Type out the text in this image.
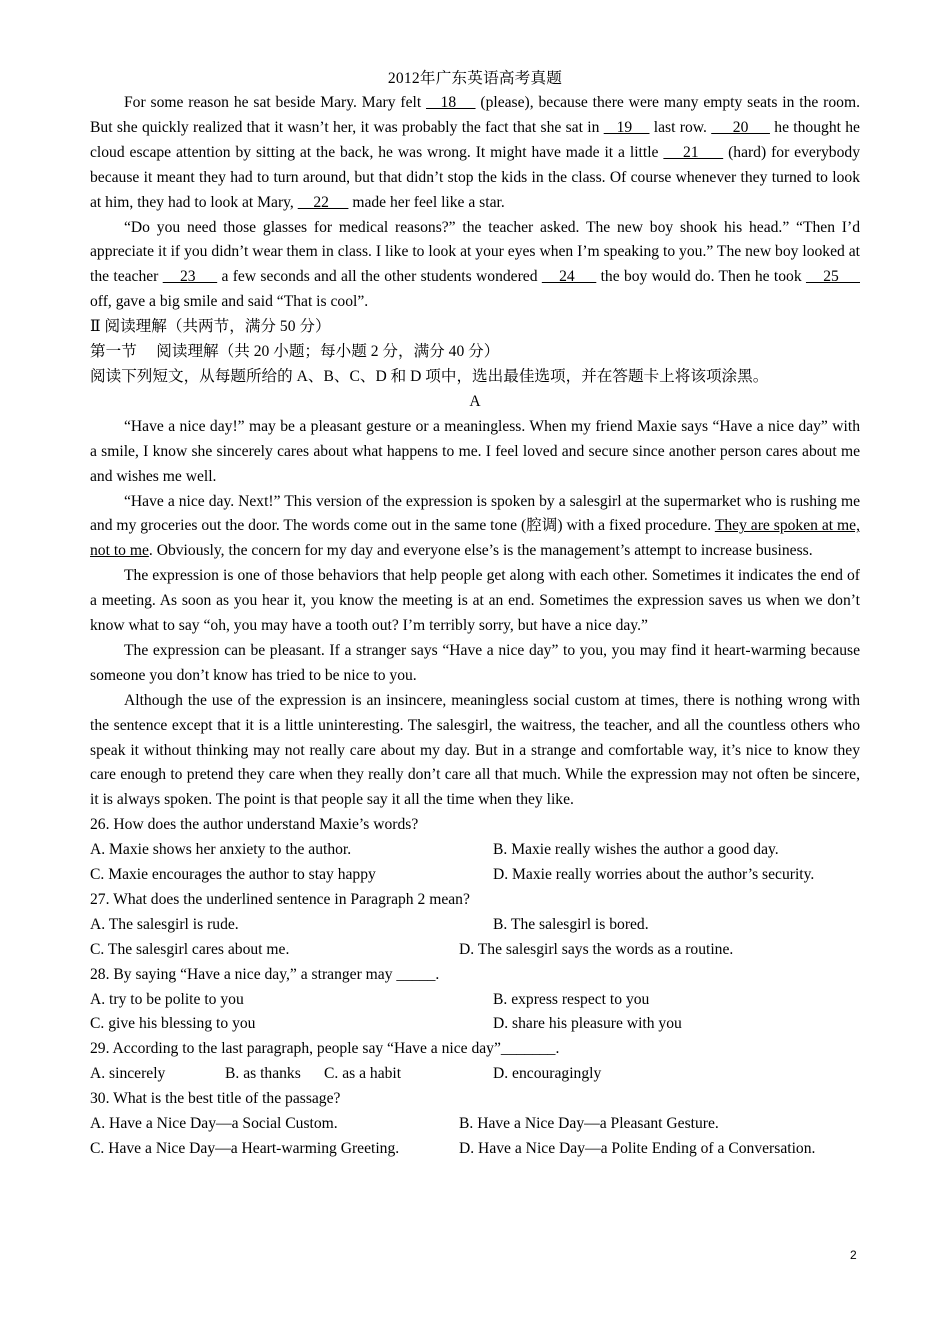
2012年广东英语高考真题
For some reason he sat beside Mary. Mary felt    18     (please), because there were many empty seats in the room. But she quickly realized that it wasn’t her, it was probably the fact that she sat in    19     last row.      20      he thought he cloud escape attention by sitting at the back, he was wrong. It might have made it a little     21      (hard) for everybody because it meant they had to turn around, but that didn’t stop the kids in the class. Of course whenever they turned to look at him, they had to look at Mary,     22      made her feel like a star.
“Do you need those glasses for medical reasons?” the teacher asked. The new boy shook his head.” “Then I’d appreciate it if you didn’t wear them in class. I like to look at your eyes when I’m speaking to you.” The new boy looked at the teacher     23      a few seconds and all the other students wondered     24      the boy would do. Then he took     25      off, gave a big smile and said “That is cool”.
Ⅱ 阅读理解（共两节，满分 50 分）
第一节　 阅读理解（共 20 小题；每小题 2 分，满分 40 分）
阅读下列短文，从每题所给的 A、B、C、D 和 D 项中，选出最佳选项，并在答题卡上将该项涂黑。
A
“Have a nice day!” may be a pleasant gesture or a meaningless. When my friend Maxie says “Have a nice day” with a smile, I know she sincerely cares about what happens to me. I feel loved and secure since another person cares about me and wishes me well.
“Have a nice day. Next!” This version of the expression is spoken by a salesgirl at the supermarket who is rushing me and my groceries out the door. The words come out in the same tone (腔调) with a fixed procedure. They are spoken at me, not to me. Obviously, the concern for my day and everyone else’s is the management’s attempt to increase business.
The expression is one of those behaviors that help people get along with each other. Sometimes it indicates the end of a meeting. As soon as you hear it, you know the meeting is at an end. Sometimes the expression saves us when we don’t know what to say “oh, you may have a tooth out? I’m terribly sorry, but have a nice day.”
The expression can be pleasant. If a stranger says “Have a nice day” to you, you may find it heart-warming because someone you don’t know has tried to be nice to you.
Although the use of the expression is an insincere, meaningless social custom at times, there is nothing wrong with the sentence except that it is a little uninteresting. The salesgirl, the waitress, the teacher, and all the countless others who speak it without thinking may not really care about my day. But in a strange and comfortable way, it’s nice to know they care enough to pretend they care when they really don’t care all that much. While the expression may not often be sincere, it is always spoken. The point is that people say it all the time when they like.
26. How does the author understand Maxie’s words?
A. Maxie shows her anxiety to the author.	B. Maxie really wishes the author a good day.
C. Maxie encourages the author to stay happy	D. Maxie really worries about the author’s security.
27. What does the underlined sentence in Paragraph 2 mean?
A. The salesgirl is rude.	B. The salesgirl is bored.
C. The salesgirl cares about me.	D. The salesgirl says the words as a routine.
28. By saying “Have a nice day,” a stranger may _____.
A. try to be polite to you	B. express respect to you
C. give his blessing to you	D. share his pleasure with you
29. According to the last paragraph, people say “Have a nice day”_______.
A. sincerely	B. as thanks C. as a habit	D. encouragingly
30. What is the best title of the passage?
A. Have a Nice Day—a Social Custom.	B. Have a Nice Day—a Pleasant Gesture.
C. Have a Nice Day—a Heart-warming Greeting.	D. Have a Nice Day—a Polite Ending of a Conversation.
2
